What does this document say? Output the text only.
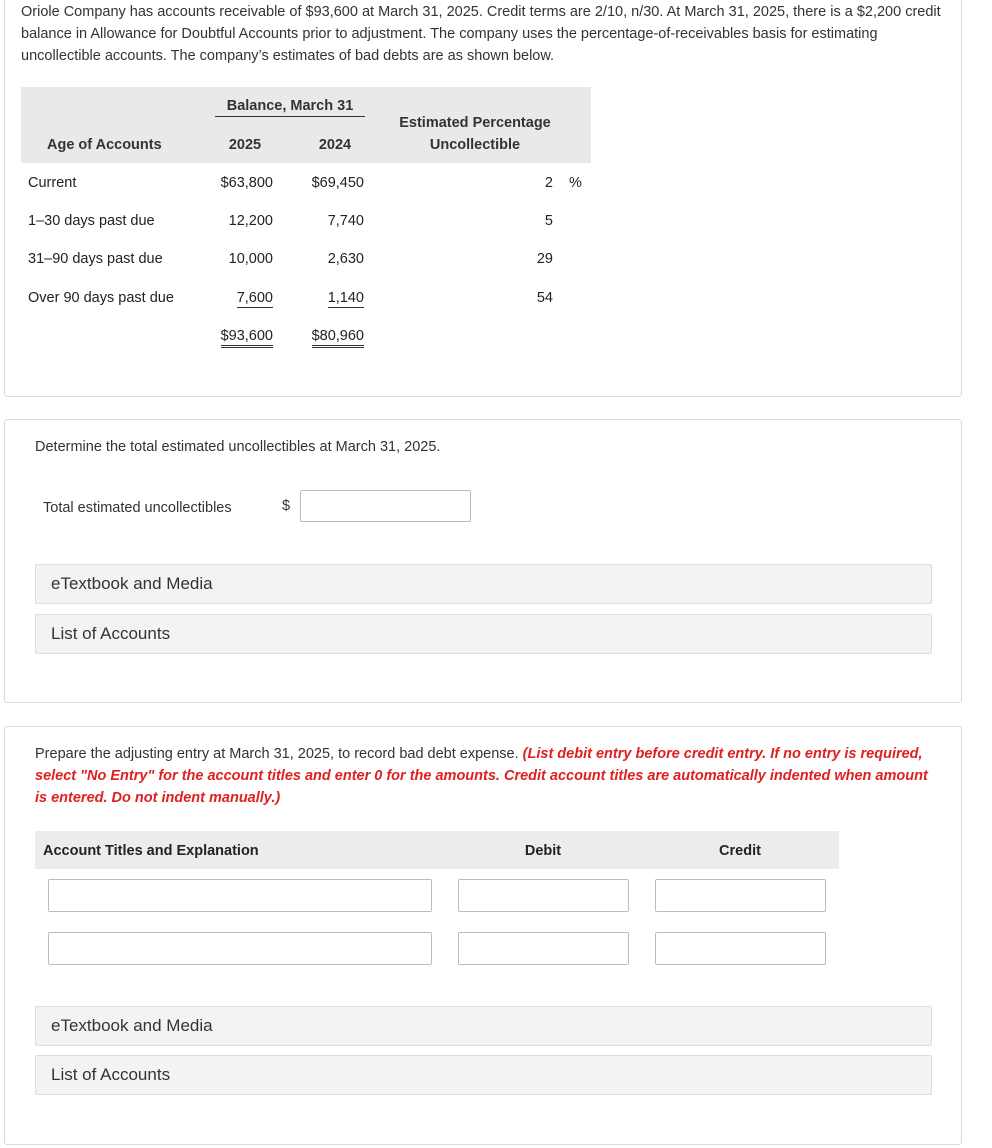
Oriole Company has accounts receivable of $93,600 at March 31, 2025. Credit terms are 2/10, n/30. At March 31, 2025, there is a $2,200 credit balance in Allowance for Doubtful Accounts prior to adjustment. The company uses the percentage-of-receivables basis for estimating uncollectible accounts. The company’s estimates of bad debts are as shown below.
Age of Accounts
Balance, March 31
2025	2024
Estimated Percentage
Uncollectible
Current	$63,800	$69,450	2 %
1–30 days past due	12,200	7,740	5
31–90 days past due	10,000	2,630	29
Over 90 days past due	7,600	1,140	54
$93,600	$80,960
Determine the total estimated uncollectibles at March 31, 2025.
Total estimated uncollectibles	$
eTextbook and Media
List of Accounts
Prepare the adjusting entry at March 31, 2025, to record bad debt expense. (List debit entry before credit entry. If no entry is required, select "No Entry" for the account titles and enter 0 for the amounts. Credit account titles are automatically indented when amount is entered. Do not indent manually.)
Account Titles and Explanation	Debit	Credit
eTextbook and Media
List of Accounts
